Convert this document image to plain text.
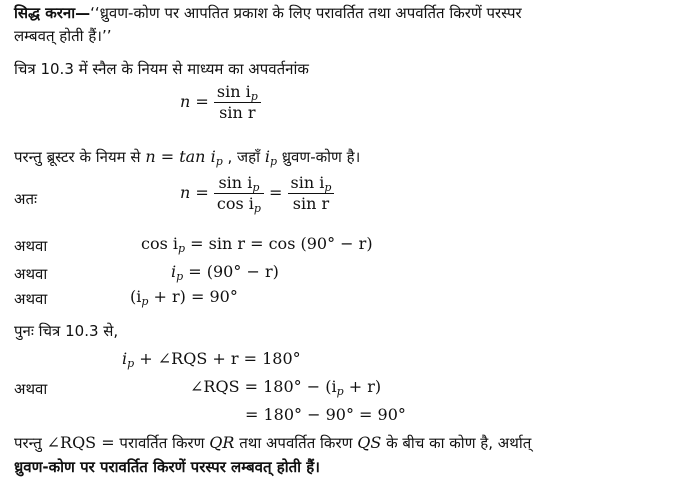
सिद्ध करना—‘‘ध्रुवण-कोण पर आपतित प्रकाश के लिए परावर्तित तथा अपवर्तित किरणें परस्पर
लम्बवत् होती हैं।’’
चित्र 10.3 में स्नैल के नियम से माध्यम का अपवर्तनांक
$n = \frac{\sin i_p}{\text{sin r}}$
परन्तु ब्रूस्टर के नियम से $n = \tan i_p$ , जहाँ $i_p$ ध्रुवण-कोण है।
अतः	$n = \frac{\sin i_p}{\cos i_p} = \frac{\sin i_p}{\text{sin r}}$
अथवा	$\cos i_p = \sin r = \cos (90^\circ - r)$
अथवा	$i_p = (90^\circ - r)$
अथवा	$(i_p + r) = 90^\circ$
पुनः चित्र 10.3 से,
$i_p$ + ∠RQS + r = 180°
अथवा	∠RQS = $180^\circ - (i_p + r)$
= 180° − 90° = 90°
परन्तु ∠RQS = परावर्तित किरण QR तथा अपवर्तित किरण QS के बीच का कोण है, अर्थात्
ध्रुवण-कोण पर परावर्तित किरणें परस्पर लम्बवत् होती हैं।
